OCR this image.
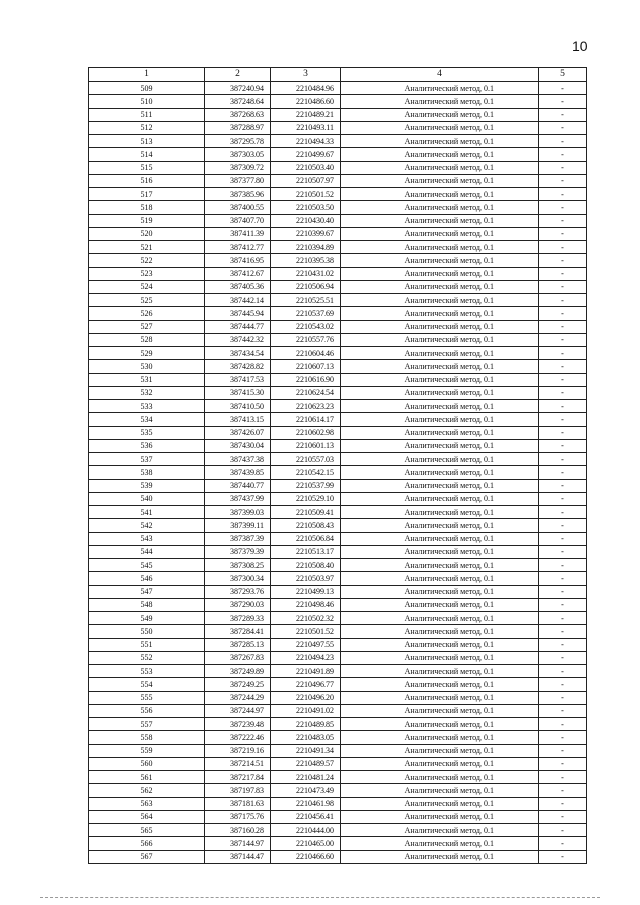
10
1	2	3	4	5
509	387240.94	2210484.96	Аналитический метод, 0.1	-
510	387248.64	2210486.60	Аналитический метод, 0.1	-
511	387268.63	2210489.21	Аналитический метод, 0.1	-
512	387288.97	2210493.11	Аналитический метод, 0.1	-
513	387295.78	2210494.33	Аналитический метод, 0.1	-
514	387303.05	2210499.67	Аналитический метод, 0.1	-
515	387309.72	2210503.40	Аналитический метод, 0.1	-
516	387377.80	2210507.97	Аналитический метод, 0.1	-
517	387385.96	2210501.52	Аналитический метод, 0.1	-
518	387400.55	2210503.50	Аналитический метод, 0.1	-
519	387407.70	2210430.40	Аналитический метод, 0.1	-
520	387411.39	2210399.67	Аналитический метод, 0.1	-
521	387412.77	2210394.89	Аналитический метод, 0.1	-
522	387416.95	2210395.38	Аналитический метод, 0.1	-
523	387412.67	2210431.02	Аналитический метод, 0.1	-
524	387405.36	2210506.94	Аналитический метод, 0.1	-
525	387442.14	2210525.51	Аналитический метод, 0.1	-
526	387445.94	2210537.69	Аналитический метод, 0.1	-
527	387444.77	2210543.02	Аналитический метод, 0.1	-
528	387442.32	2210557.76	Аналитический метод, 0.1	-
529	387434.54	2210604.46	Аналитический метод, 0.1	-
530	387428.82	2210607.13	Аналитический метод, 0.1	-
531	387417.53	2210616.90	Аналитический метод, 0.1	-
532	387415.30	2210624.54	Аналитический метод, 0.1	-
533	387410.50	2210623.23	Аналитический метод, 0.1	-
534	387413.15	2210614.17	Аналитический метод, 0.1	-
535	387426.07	2210602.98	Аналитический метод, 0.1	-
536	387430.04	2210601.13	Аналитический метод, 0.1	-
537	387437.38	2210557.03	Аналитический метод, 0.1	-
538	387439.85	2210542.15	Аналитический метод, 0.1	-
539	387440.77	2210537.99	Аналитический метод, 0.1	-
540	387437.99	2210529.10	Аналитический метод, 0.1	-
541	387399.03	2210509.41	Аналитический метод, 0.1	-
542	387399.11	2210508.43	Аналитический метод, 0.1	-
543	387387.39	2210506.84	Аналитический метод, 0.1	-
544	387379.39	2210513.17	Аналитический метод, 0.1	-
545	387308.25	2210508.40	Аналитический метод, 0.1	-
546	387300.34	2210503.97	Аналитический метод, 0.1	-
547	387293.76	2210499.13	Аналитический метод, 0.1	-
548	387290.03	2210498.46	Аналитический метод, 0.1	-
549	387289.33	2210502.32	Аналитический метод, 0.1	-
550	387284.41	2210501.52	Аналитический метод, 0.1	-
551	387285.13	2210497.55	Аналитический метод, 0.1	-
552	387267.83	2210494.23	Аналитический метод, 0.1	-
553	387249.89	2210491.89	Аналитический метод, 0.1	-
554	387249.25	2210496.77	Аналитический метод, 0.1	-
555	387244.29	2210496.20	Аналитический метод, 0.1	-
556	387244.97	2210491.02	Аналитический метод, 0.1	-
557	387239.48	2210489.85	Аналитический метод, 0.1	-
558	387222.46	2210483.05	Аналитический метод, 0.1	-
559	387219.16	2210491.34	Аналитический метод, 0.1	-
560	387214.51	2210489.57	Аналитический метод, 0.1	-
561	387217.84	2210481.24	Аналитический метод, 0.1	-
562	387197.83	2210473.49	Аналитический метод, 0.1	-
563	387181.63	2210461.98	Аналитический метод, 0.1	-
564	387175.76	2210456.41	Аналитический метод, 0.1	-
565	387160.28	2210444.00	Аналитический метод, 0.1	-
566	387144.97	2210465.00	Аналитический метод, 0.1	-
567	387144.47	2210466.60	Аналитический метод, 0.1	-
